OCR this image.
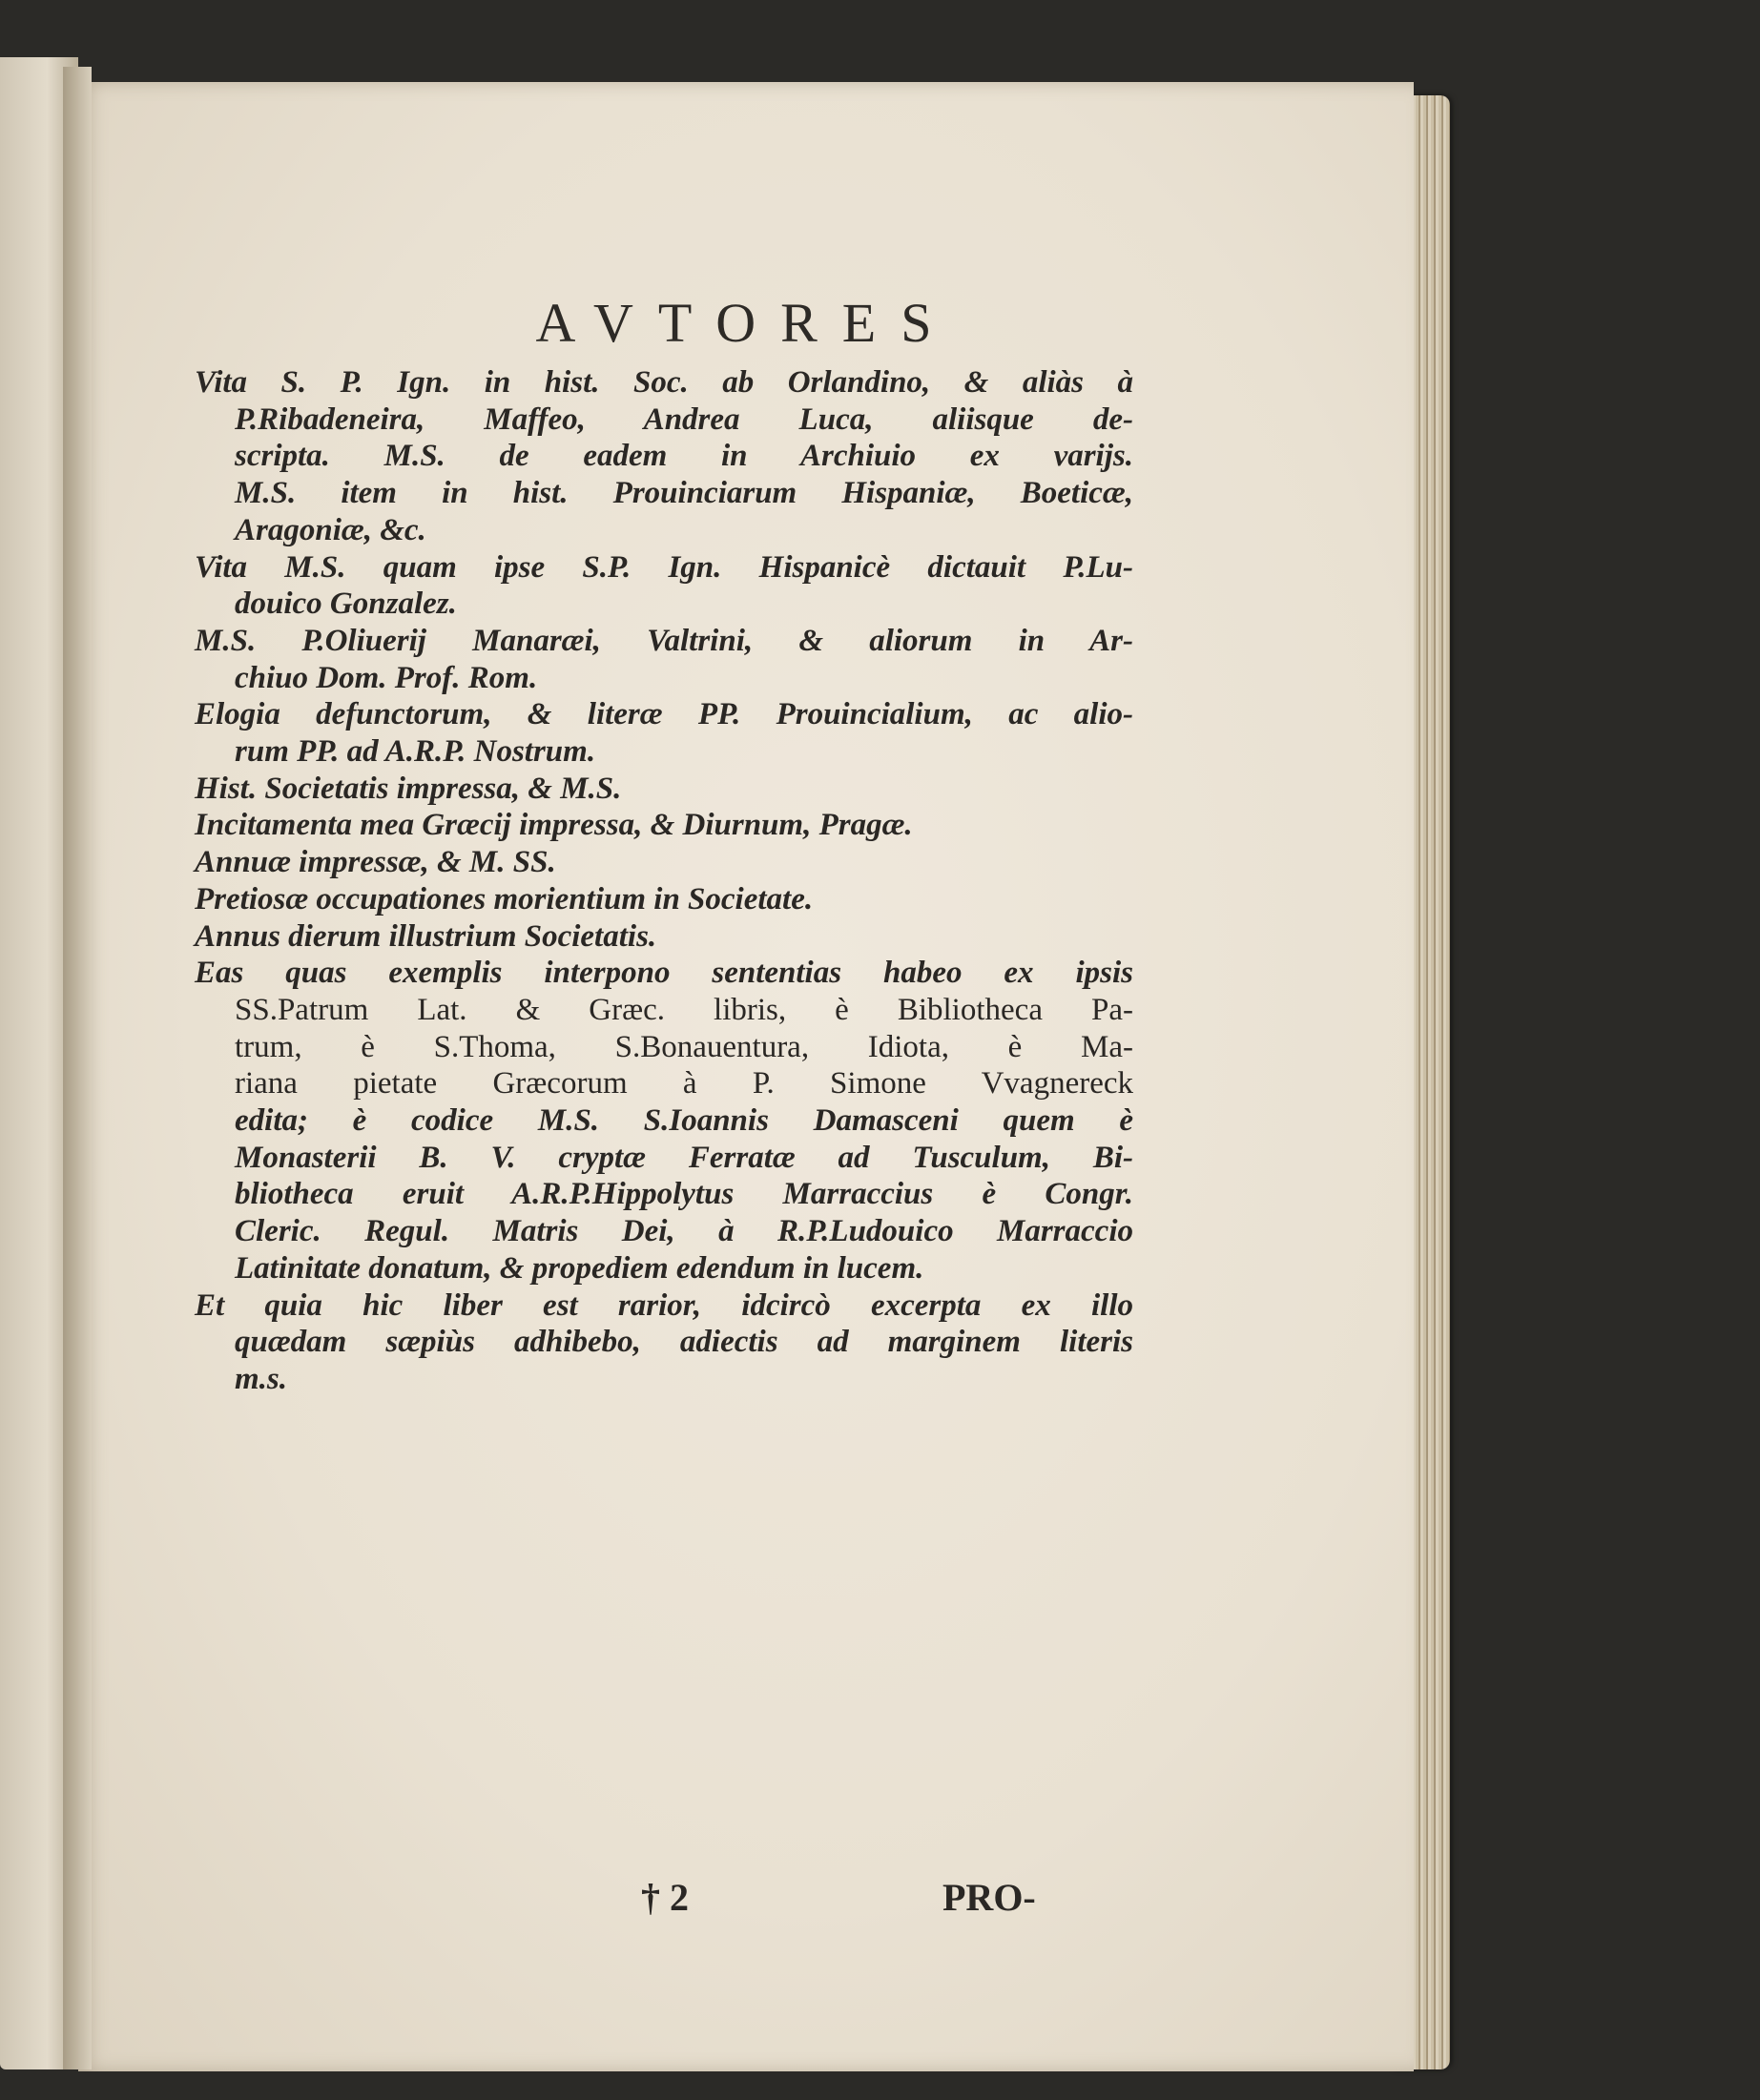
AVTORES
Vita S. P. Ign. in hist. Soc. ab Orlandino, & aliàs à
P.Ribadeneira, Maffeo, Andrea Luca, aliisque de-
scripta. M.S. de eadem in Archiuio ex varijs.
M.S. item in hist. Prouinciarum Hispaniæ, Boeticæ,
Aragoniæ, &c.
Vita M.S. quam ipse S.P. Ign. Hispanicè dictauit P.Lu-
douico Gonzalez.
M.S. P.Oliuerij Manaræi, Valtrini, & aliorum in Ar-
chiuo Dom. Prof. Rom.
Elogia defunctorum, & literæ PP. Prouincialium, ac alio-
rum PP. ad A.R.P. Nostrum.
Hist. Societatis impressa, & M.S.
Incitamenta mea Græcij impressa, & Diurnum, Pragæ.
Annuæ impressæ, & M. SS.
Pretiosæ occupationes morientium in Societate.
Annus dierum illustrium Societatis.
Eas quas exemplis interpono sententias habeo ex ipsis
SS.Patrum Lat. & Græc. libris, è Bibliotheca Pa-
trum, è S.Thoma, S.Bonauentura, Idiota, è Ma-
riana pietate Græcorum à P. Simone Vvagnereck
edita; è codice M.S. S.Ioannis Damasceni quem è
Monasterii B. V. cryptæ Ferratæ ad Tusculum, Bi-
bliotheca eruit A.R.P.Hippolytus Marraccius è Congr.
Cleric. Regul. Matris Dei, à R.P.Ludouico Marraccio
Latinitate donatum, & propediem edendum in lucem.
Et quia hic liber est rarior, idcircò excerpta ex illo
quædam sæpiùs adhibebo, adiectis ad marginem literis
m.s.
† 2	PRO-
